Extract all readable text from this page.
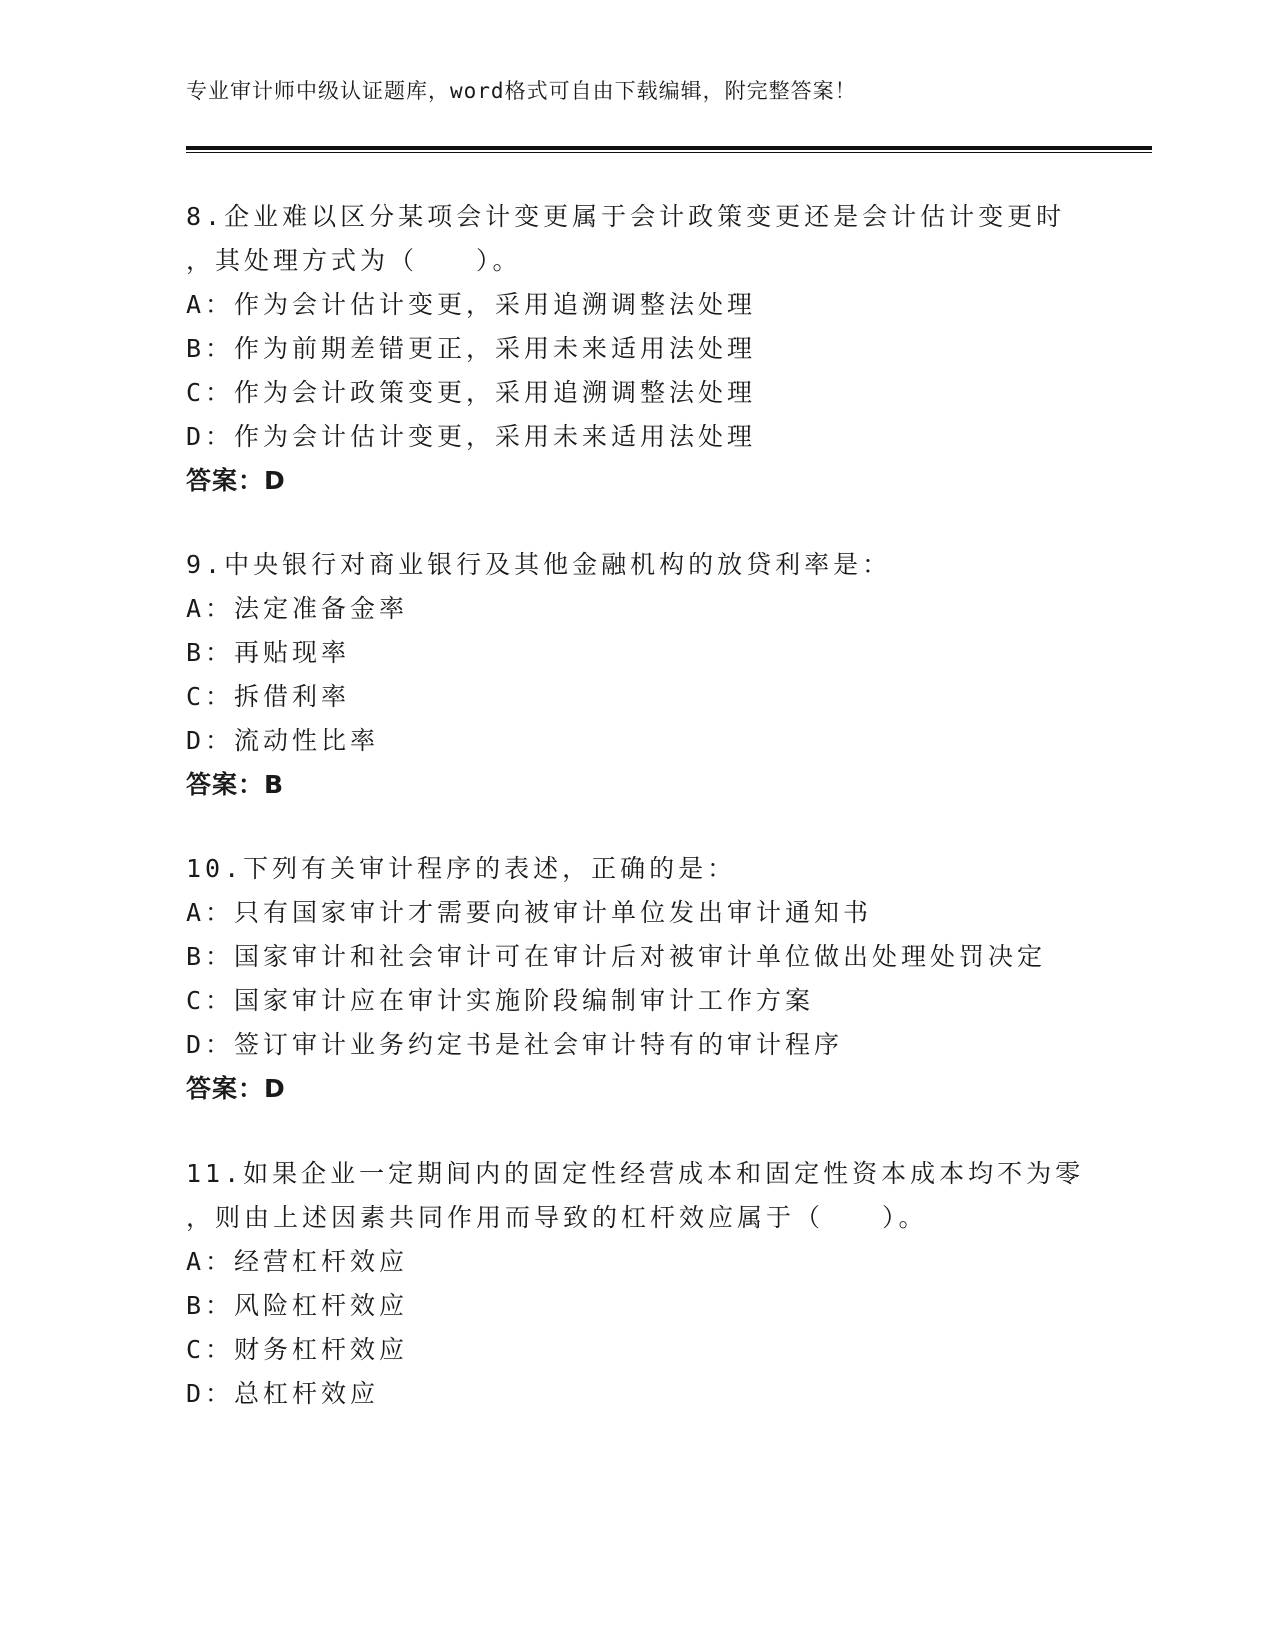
专业审计师中级认证题库，word格式可自由下载编辑，附完整答案！
8.企业难以区分某项会计变更属于会计政策变更还是会计估计变更时
，其处理方式为（　　）。
A：作为会计估计变更，采用追溯调整法处理
B：作为前期差错更正，采用未来适用法处理
C：作为会计政策变更，采用追溯调整法处理
D：作为会计估计变更，采用未来适用法处理
答案：D
9.中央银行对商业银行及其他金融机构的放贷利率是：
A：法定准备金率
B：再贴现率
C：拆借利率
D：流动性比率
答案：B
10.下列有关审计程序的表述，正确的是：
A：只有国家审计才需要向被审计单位发出审计通知书
B：国家审计和社会审计可在审计后对被审计单位做出处理处罚决定
C：国家审计应在审计实施阶段编制审计工作方案
D：签订审计业务约定书是社会审计特有的审计程序
答案：D
11.如果企业一定期间内的固定性经营成本和固定性资本成本均不为零
，则由上述因素共同作用而导致的杠杆效应属于（　　）。
A：经营杠杆效应
B：风险杠杆效应
C：财务杠杆效应
D：总杠杆效应
